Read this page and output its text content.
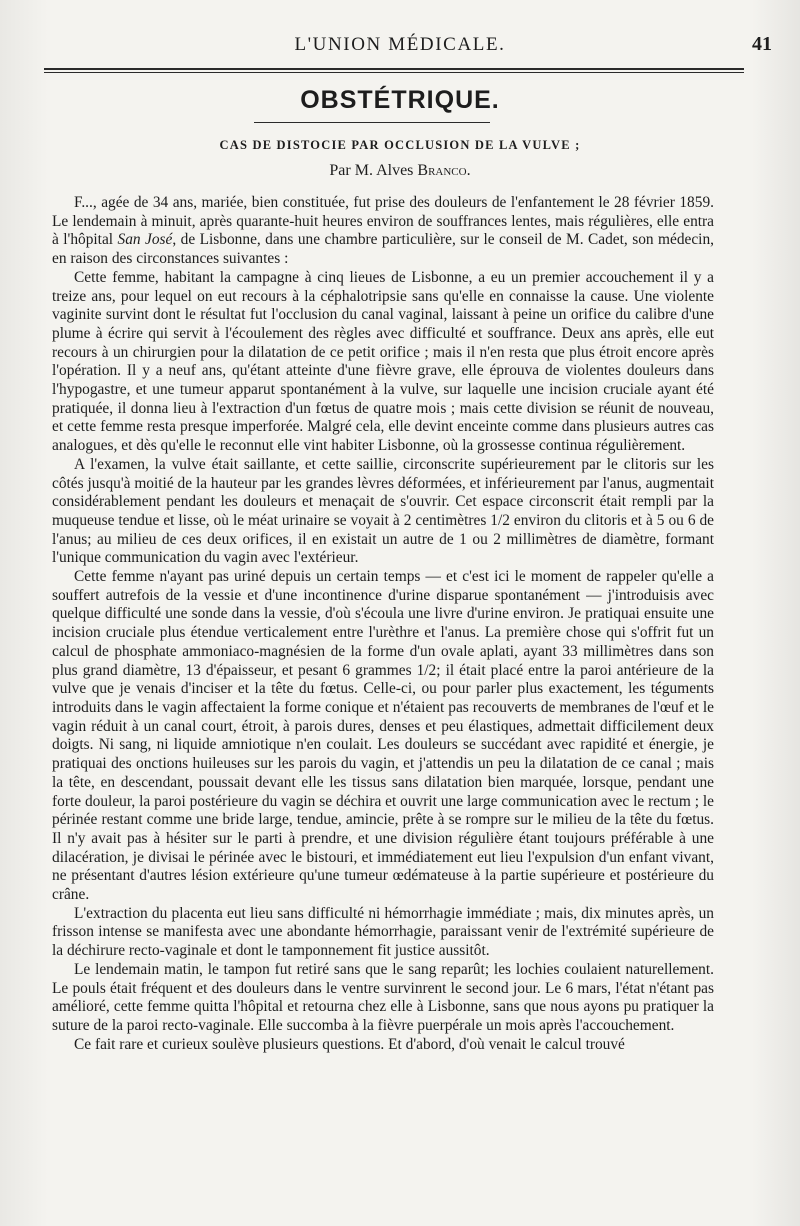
L'UNION MÉDICALE.	41
OBSTÉTRIQUE.
CAS DE DISTOCIE PAR OCCLUSION DE LA VULVE ;
Par M. Alves Branco.

F..., agée de 34 ans, mariée, bien constituée, fut prise des douleurs de l'enfantement le 28 février 1859. Le lendemain à minuit, après quarante-huit heures environ de souffrances lentes, mais régulières, elle entra à l'hôpital San José, de Lisbonne, dans une chambre particulière, sur le conseil de M. Cadet, son médecin, en raison des circonstances suivantes :

Cette femme, habitant la campagne à cinq lieues de Lisbonne, a eu un premier accouchement il y a treize ans, pour lequel on eut recours à la céphalotripsie sans qu'elle en connaisse la cause. Une violente vaginite survint dont le résultat fut l'occlusion du canal vaginal, laissant à peine un orifice du calibre d'une plume à écrire qui servit à l'écoulement des règles avec difficulté et souffrance. Deux ans après, elle eut recours à un chirurgien pour la dilatation de ce petit orifice ; mais il n'en resta que plus étroit encore après l'opération. Il y a neuf ans, qu'étant atteinte d'une fièvre grave, elle éprouva de violentes douleurs dans l'hypogastre, et une tumeur apparut spontanément à la vulve, sur laquelle une incision cruciale ayant été pratiquée, il donna lieu à l'extraction d'un fœtus de quatre mois ; mais cette division se réunit de nouveau, et cette femme resta presque imperforée. Malgré cela, elle devint enceinte comme dans plusieurs autres cas analogues, et dès qu'elle le reconnut elle vint habiter Lisbonne, où la grossesse continua régulièrement.

A l'examen, la vulve était saillante, et cette saillie, circonscrite supérieurement par le clitoris sur les côtés jusqu'à moitié de la hauteur par les grandes lèvres déformées, et inférieurement par l'anus, augmentait considérablement pendant les douleurs et menaçait de s'ouvrir. Cet espace circonscrit était rempli par la muqueuse tendue et lisse, où le méat urinaire se voyait à 2 centimètres 1/2 environ du clitoris et à 5 ou 6 de l'anus; au milieu de ces deux orifices, il en existait un autre de 1 ou 2 millimètres de diamètre, formant l'unique communication du vagin avec l'extérieur.

Cette femme n'ayant pas uriné depuis un certain temps — et c'est ici le moment de rappeler qu'elle a souffert autrefois de la vessie et d'une incontinence d'urine disparue spontanément — j'introduisis avec quelque difficulté une sonde dans la vessie, d'où s'écoula une livre d'urine environ. Je pratiquai ensuite une incision cruciale plus étendue verticalement entre l'urèthre et l'anus. La première chose qui s'offrit fut un calcul de phosphate ammoniaco-magnésien de la forme d'un ovale aplati, ayant 33 millimètres dans son plus grand diamètre, 13 d'épaisseur, et pesant 6 grammes 1/2; il était placé entre la paroi antérieure de la vulve que je venais d'inciser et la tête du fœtus. Celle-ci, ou pour parler plus exactement, les téguments introduits dans le vagin affectaient la forme conique et n'étaient pas recouverts de membranes de l'œuf et le vagin réduit à un canal court, étroit, à parois dures, denses et peu élastiques, admettait difficilement deux doigts. Ni sang, ni liquide amniotique n'en coulait. Les douleurs se succédant avec rapidité et énergie, je pratiquai des onctions huileuses sur les parois du vagin, et j'attendis un peu la dilatation de ce canal ; mais la tête, en descendant, poussait devant elle les tissus sans dilatation bien marquée, lorsque, pendant une forte douleur, la paroi postérieure du vagin se déchira et ouvrit une large communication avec le rectum ; le périnée restant comme une bride large, tendue, amincie, prête à se rompre sur le milieu de la tête du fœtus. Il n'y avait pas à hésiter sur le parti à prendre, et une division régulière étant toujours préférable à une dilacération, je divisai le périnée avec le bistouri, et immédiatement eut lieu l'expulsion d'un enfant vivant, ne présentant d'autres lésion extérieure qu'une tumeur œdémateuse à la partie supérieure et postérieure du crâne.

L'extraction du placenta eut lieu sans difficulté ni hémorrhagie immédiate ; mais, dix minutes après, un frisson intense se manifesta avec une abondante hémorrhagie, paraissant venir de l'extrémité supérieure de la déchirure recto-vaginale et dont le tamponnement fit justice aussitôt.

Le lendemain matin, le tampon fut retiré sans que le sang reparût; les lochies coulaient naturellement. Le pouls était fréquent et des douleurs dans le ventre survinrent le second jour. Le 6 mars, l'état n'étant pas amélioré, cette femme quitta l'hôpital et retourna chez elle à Lisbonne, sans que nous ayons pu pratiquer la suture de la paroi recto-vaginale. Elle succomba à la fièvre puerpérale un mois après l'accouchement.

Ce fait rare et curieux soulève plusieurs questions. Et d'abord, d'où venait le calcul trouvé
